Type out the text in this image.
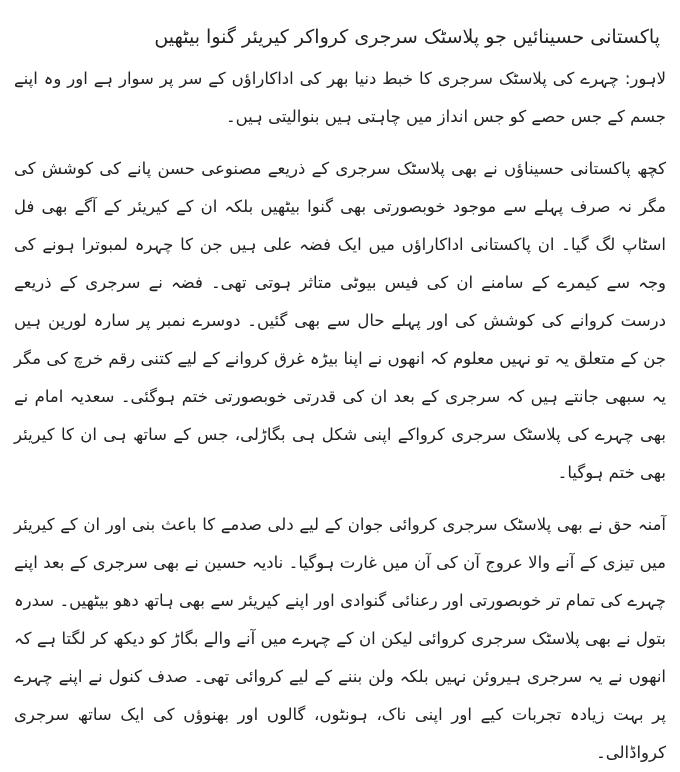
پاکستانی حسینائیں جو پلاسٹک سرجری کرواکر کیریئر گنوا بیٹھیں

لاہور: چہرے کی پلاسٹک سرجری کا خبط دنیا بھر کی اداکاراؤں کے سر پر سوار ہے اور وہ اپنے جسم کے جس حصے کو جس انداز میں چاہتی ہیں بنوالیتی ہیں۔

کچھ پاکستانی حسیناؤں نے بھی پلاسٹک سرجری کے ذریعے مصنوعی حسن پانے کی کوشش کی مگر نہ صرف پہلے سے موجود خوبصورتی بھی گنوا بیٹھیں بلکہ ان کے کیریئر کے آگے بھی فل اسٹاپ لگ گیا۔ ان پاکستانی اداکاراؤں میں ایک فضہ علی ہیں جن کا چہرہ لمبوترا ہونے کی وجہ سے کیمرے کے سامنے ان کی فیس بیوٹی متاثر ہوتی تھی۔ فضہ نے سرجری کے ذریعے درست کروانے کی کوشش کی اور پہلے حال سے بھی گئیں۔ دوسرے نمبر پر سارہ لورین ہیں جن کے متعلق یہ تو نہیں معلوم کہ انھوں نے اپنا بیڑہ غرق کروانے کے لیے کتنی رقم خرچ کی مگر یہ سبھی جانتے ہیں کہ سرجری کے بعد ان کی قدرتی خوبصورتی ختم ہوگئی۔ سعدیہ امام نے بھی چہرے کی پلاسٹک سرجری کرواکے اپنی شکل ہی بگاڑلی، جس کے ساتھ ہی ان کا کیریئر بھی ختم ہوگیا۔

آمنہ حق نے بھی پلاسٹک سرجری کروائی جوان کے لیے دلی صدمے کا باعث بنی اور ان کے کیریئر میں تیزی کے آنے والا عروج آن کی آن میں غارت ہوگیا۔ نادیہ حسین نے بھی سرجری کے بعد اپنے چہرے کی تمام تر خوبصورتی اور رعنائی گنوادی اور اپنے کیریئر سے بھی ہاتھ دھو بیٹھیں۔ سدرہ بتول نے بھی پلاسٹک سرجری کروائی لیکن ان کے چہرے میں آنے والے بگاڑ کو دیکھ کر لگتا ہے کہ انھوں نے یہ سرجری ہیروئن نہیں بلکہ ولن بننے کے لیے کروائی تھی۔ صدف کنول نے اپنے چہرے پر بہت زیادہ تجربات کیے اور اپنی ناک، ہونٹوں، گالوں اور بھنوؤں کی ایک ساتھ سرجری کرواڈالی۔
